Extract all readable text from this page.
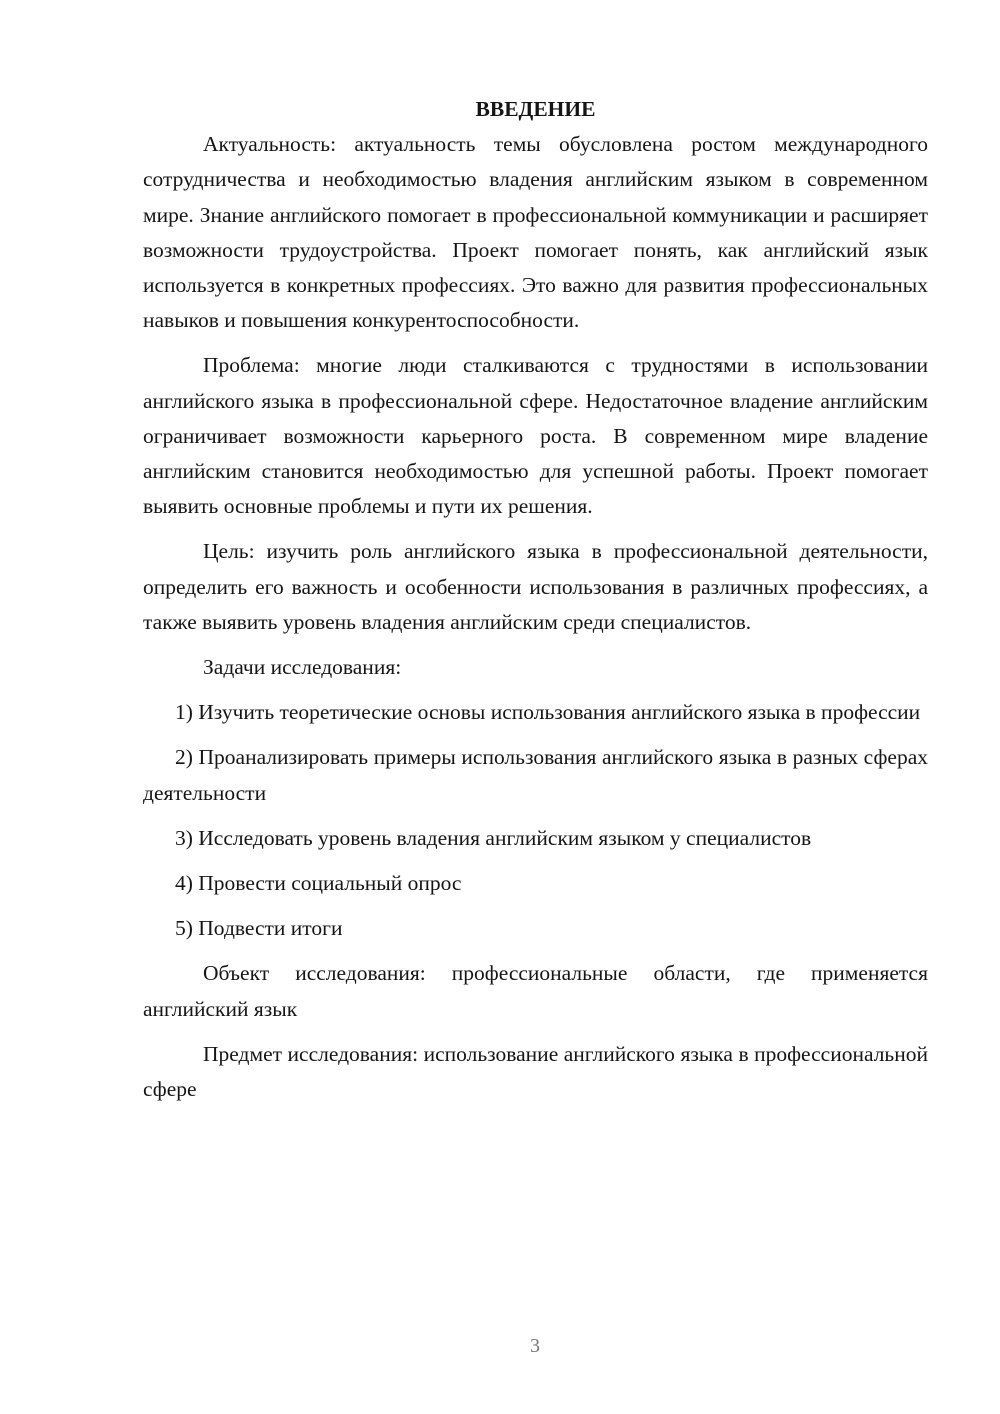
ВВЕДЕНИЕ

Актуальность: актуальность темы обусловлена ростом международного сотрудничества и необходимостью владения английским языком в современном мире. Знание английского помогает в профессиональной коммуникации и расширяет возможности трудоустройства. Проект помогает понять, как английский язык используется в конкретных профессиях. Это важно для развития профессиональных навыков и повышения конкурентоспособности.

Проблема: многие люди сталкиваются с трудностями в использовании английского языка в профессиональной сфере. Недостаточное владение английским ограничивает возможности карьерного роста. В современном мире владение английским становится необходимостью для успешной работы. Проект помогает выявить основные проблемы и пути их решения.

Цель: изучить роль английского языка в профессиональной деятельности, определить его важность и особенности использования в различных профессиях, а также выявить уровень владения английским среди специалистов.

Задачи исследования:

1) Изучить теоретические основы использования английского языка в профессии

2) Проанализировать примеры использования английского языка в разных сферах деятельности

3) Исследовать уровень владения английским языком у специалистов

4) Провести социальный опрос

5) Подвести итоги

Объект исследования: профессиональные области, где применяется английский язык

Предмет исследования: использование английского языка в профессиональной сфере

3
